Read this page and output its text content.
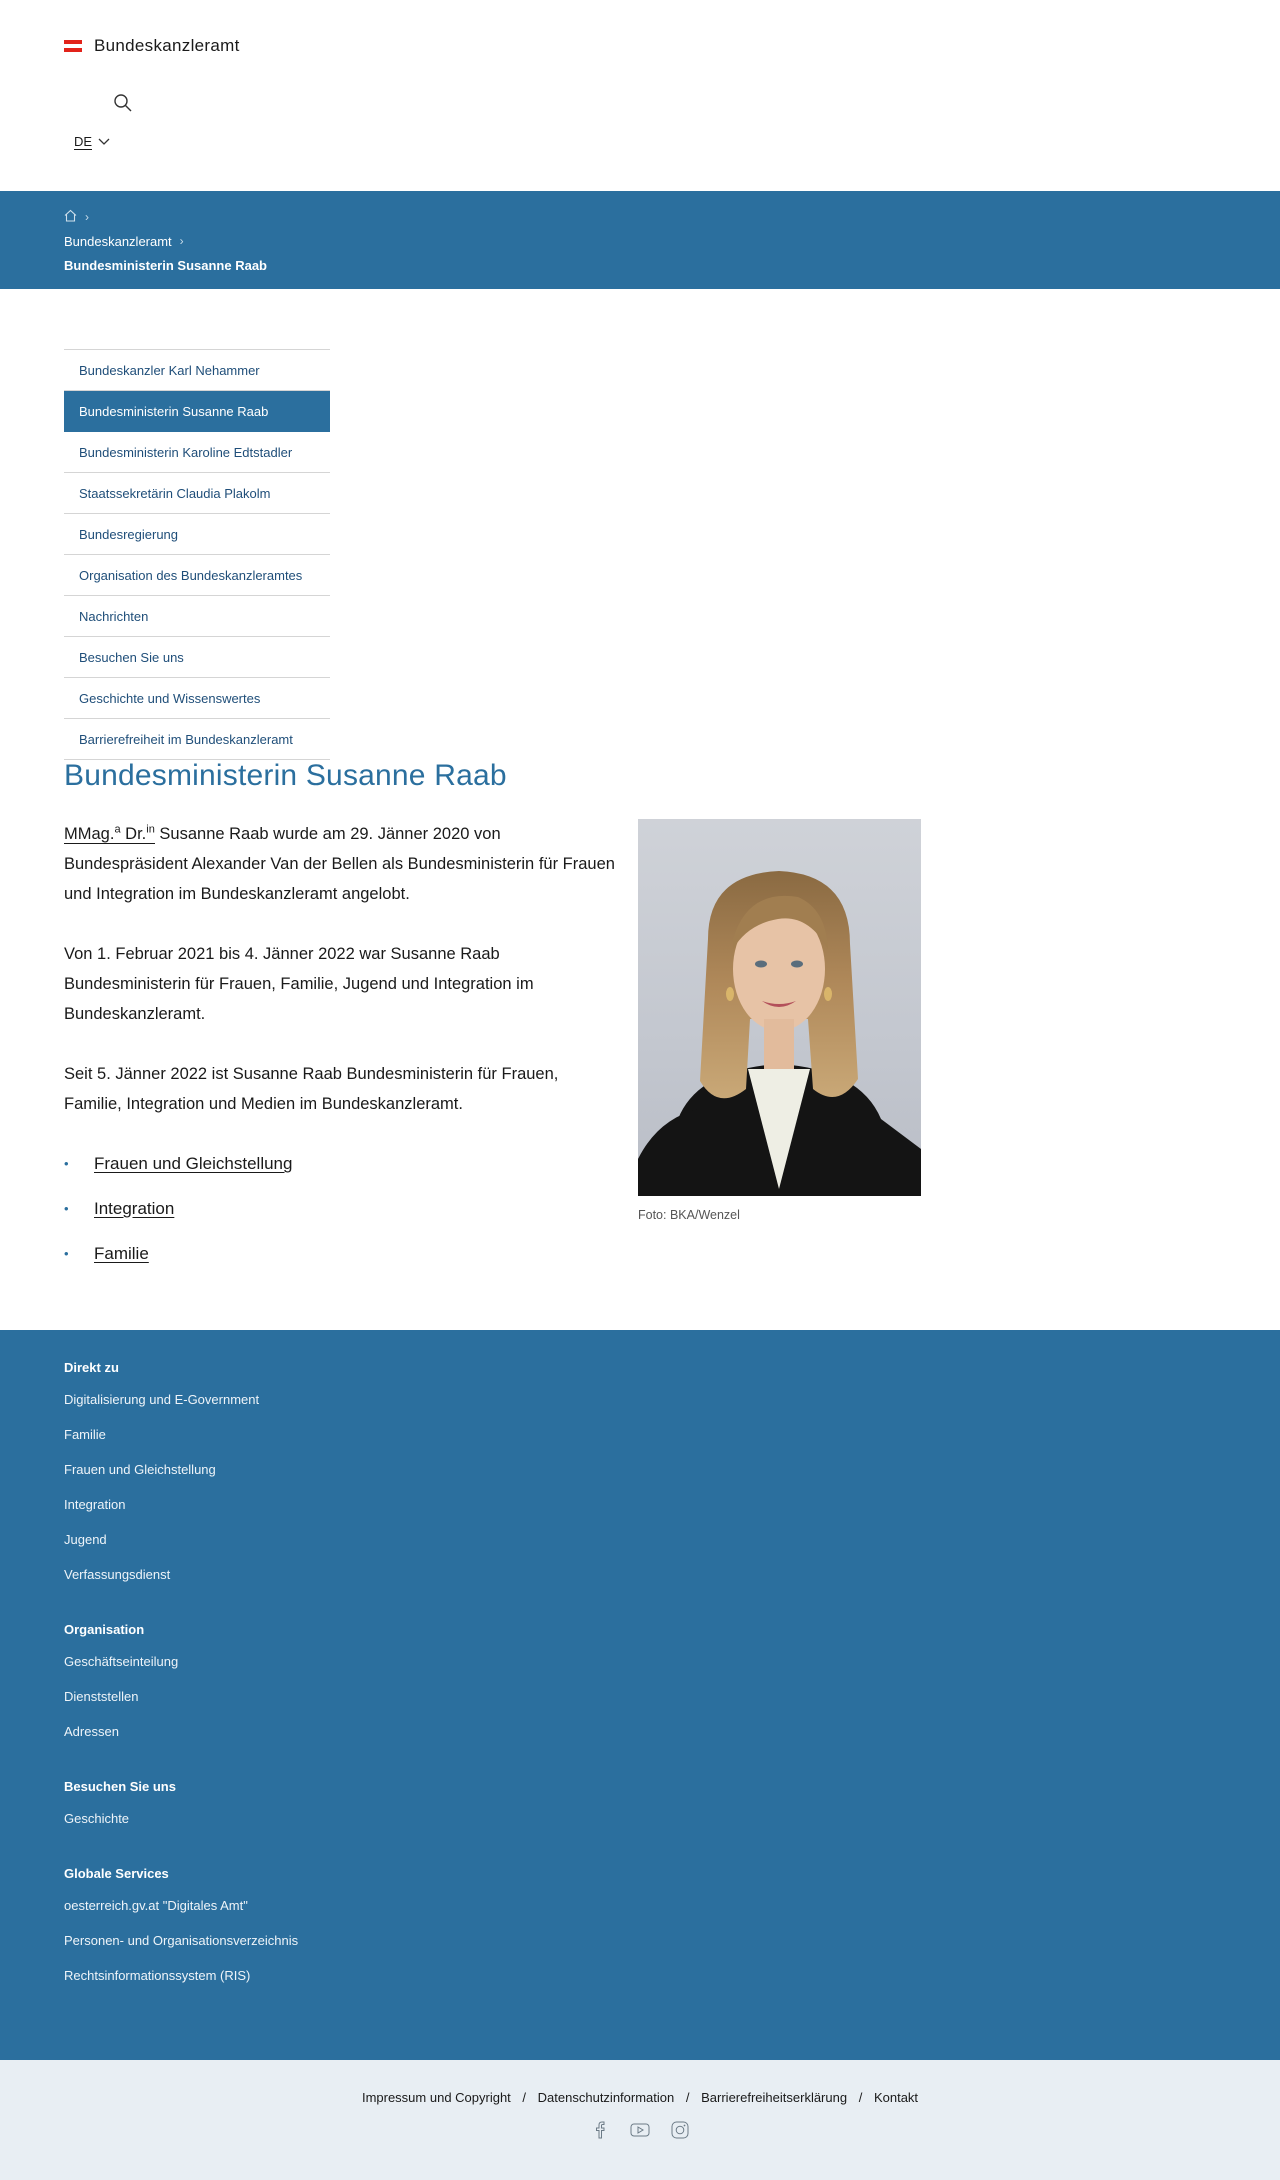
Bundeskanzleramt
DE
›
Bundeskanzleramt ›
Bundesministerin Susanne Raab
Bundeskanzler Karl Nehammer
Bundesministerin Susanne Raab
Bundesministerin Karoline Edtstadler
Staatssekretärin Claudia Plakolm
Bundesregierung
Organisation des Bundeskanzleramtes
Nachrichten
Besuchen Sie uns
Geschichte und Wissenswertes
Barrierefreiheit im Bundeskanzleramt
Bundesministerin Susanne Raab

MMag.$^a$ Dr.$^{in}$ Susanne Raab wurde am 29. Jänner 2020 von Bundespräsident Alexander Van der Bellen als Bundesministerin für Frauen und Integration im Bundeskanzleramt angelobt.

Von 1. Februar 2021 bis 4. Jänner 2022 war Susanne Raab Bundesministerin für Frauen, Familie, Jugend und Integration im Bundeskanzleramt.

Seit 5. Jänner 2022 ist Susanne Raab Bundesministerin für Frauen, Familie, Integration und Medien im Bundeskanzleramt.

• Frauen und Gleichstellung
• Integration
• Familie
Foto: BKA/Wenzel
Direkt zu
Digitalisierung und E-Government
Familie
Frauen und Gleichstellung
Integration
Jugend
Verfassungsdienst
Organisation
Geschäftseinteilung
Dienststellen
Adressen
Besuchen Sie uns
Geschichte
Globale Services
oesterreich.gv.at "Digitales Amt"
Personen- und Organisationsverzeichnis
Rechtsinformationssystem (RIS)
Impressum und Copyright / Datenschutzinformation / Barrierefreiheitserklärung / Kontakt
